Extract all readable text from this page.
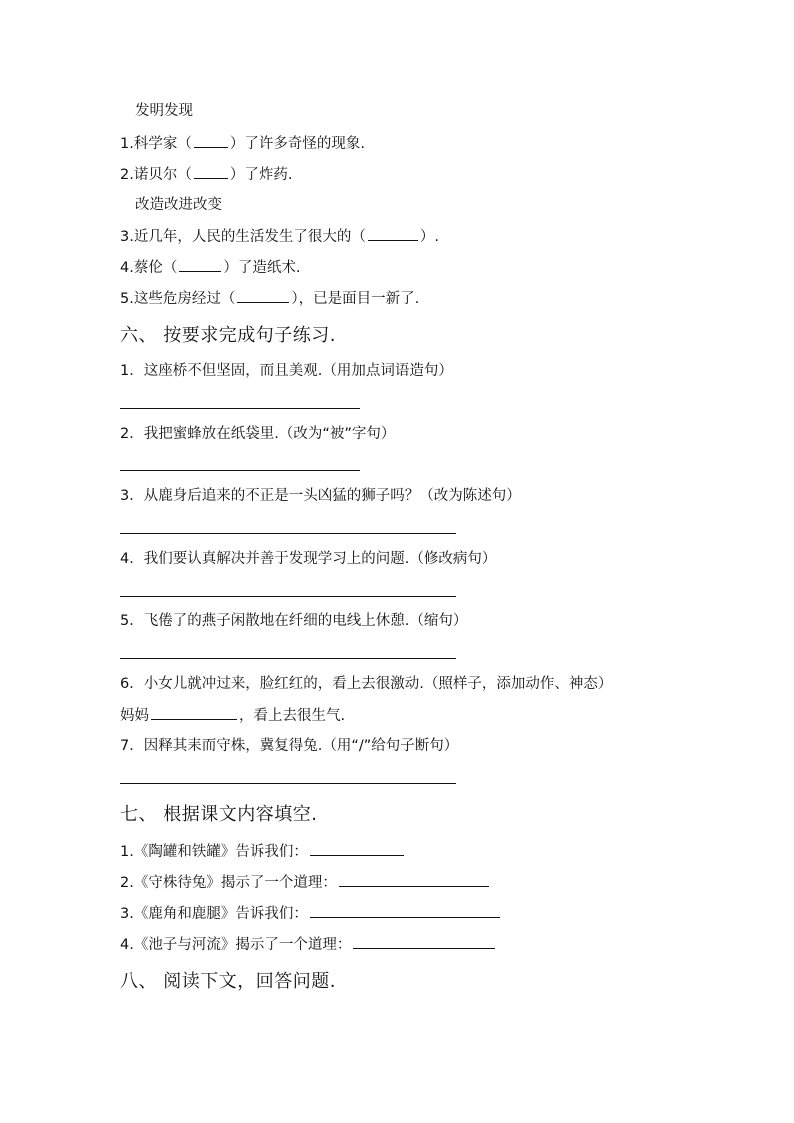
发明发现
1.科学家（	）了许多奇怪的现象.
2.诺贝尔（	）了炸药.
改造改进改变
3.近几年，人民的生活发生了很大的（	）.
4.蔡伦（	）了造纸术.
5.这些危房经过（	），已是面目一新了.
六、 按要求完成句子练习.
1．这座桥不但坚固，而且美观.（用加点词语造句）
2．我把蜜蜂放在纸袋里.（改为“被”字句）
3．从鹿身后追来的不正是一头凶猛的狮子吗？（改为陈述句）
4．我们要认真解决并善于发现学习上的问题.（修改病句）
5．飞倦了的燕子闲散地在纤细的电线上休憩.（缩句）
6．小女儿就冲过来，脸红红的，看上去很激动.（照样子，添加动作、神态）
妈妈	，看上去很生气.
7．因释其耒而守株，冀复得兔.（用“/”给句子断句）
七、 根据课文内容填空.
1.《陶罐和铁罐》告诉我们：
2.《守株待兔》揭示了一个道理：
3.《鹿角和鹿腿》告诉我们：
4.《池子与河流》揭示了一个道理：
八、 阅读下文，回答问题.
